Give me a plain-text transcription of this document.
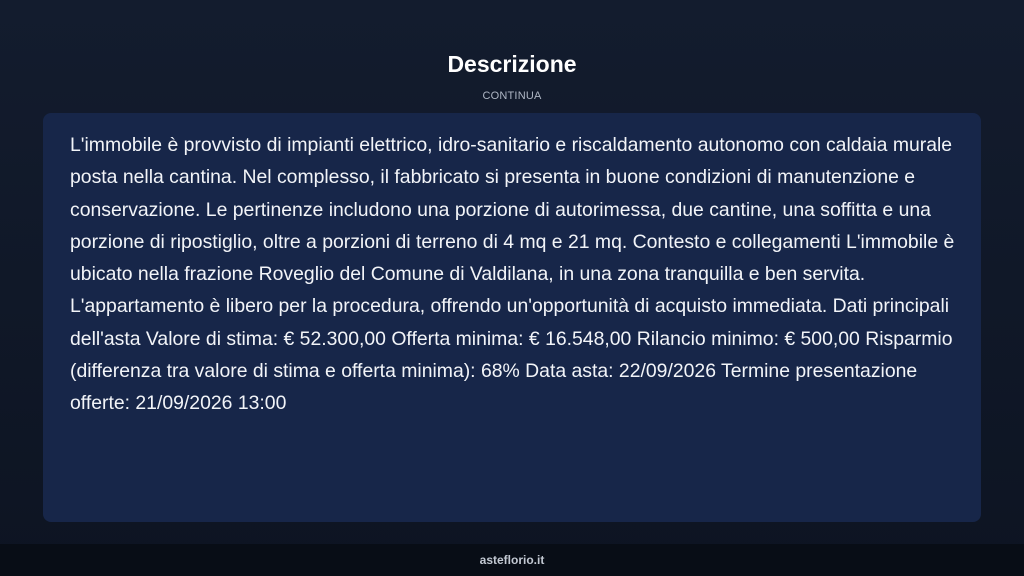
Descrizione
CONTINUA

L'immobile è provvisto di impianti elettrico, idro-sanitario e riscaldamento autonomo con caldaia murale posta nella cantina. Nel complesso, il fabbricato si presenta in buone condizioni di manutenzione e conservazione. Le pertinenze includono una porzione di autorimessa, due cantine, una soffitta e una porzione di ripostiglio, oltre a porzioni di terreno di 4 mq e 21 mq. Contesto e collegamenti L'immobile è ubicato nella frazione Roveglio del Comune di Valdilana, in una zona tranquilla e ben servita. L'appartamento è libero per la procedura, offrendo un'opportunità di acquisto immediata. Dati principali dell'asta Valore di stima: € 52.300,00 Offerta minima: € 16.548,00 Rilancio minimo: € 500,00 Risparmio (differenza tra valore di stima e offerta minima): 68% Data asta: 22/09/2026 Termine presentazione offerte: 21/09/2026 13:00

asteflorio.it
